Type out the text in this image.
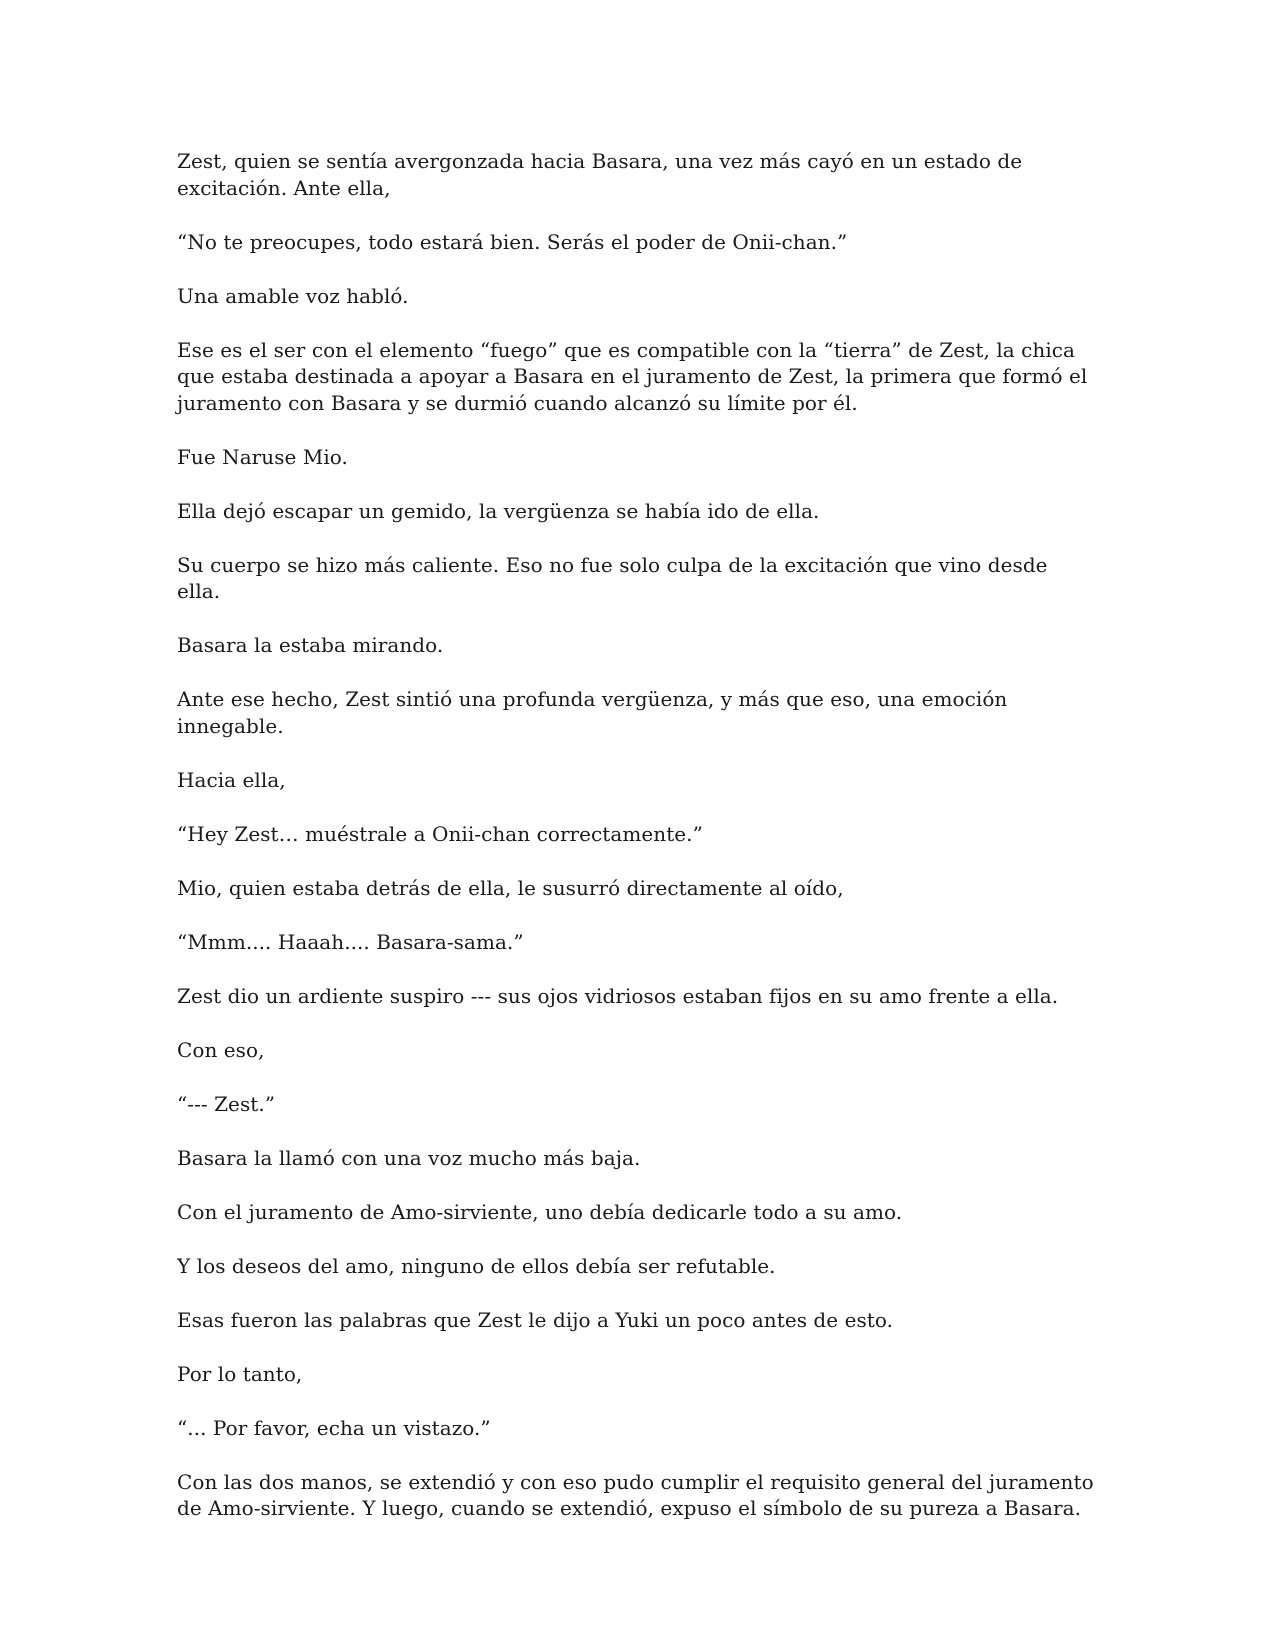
Zest, quien se sentía avergonzada hacia Basara, una vez más cayó en un estado de excitación. Ante ella,

“No te preocupes, todo estará bien. Serás el poder de Onii-chan.”

Una amable voz habló.

Ese es el ser con el elemento “fuego” que es compatible con la “tierra” de Zest, la chica que estaba destinada a apoyar a Basara en el juramento de Zest, la primera que formó el juramento con Basara y se durmió cuando alcanzó su límite por él.

Fue Naruse Mio.

Ella dejó escapar un gemido, la vergüenza se había ido de ella.

Su cuerpo se hizo más caliente. Eso no fue solo culpa de la excitación que vino desde ella.

Basara la estaba mirando.

Ante ese hecho, Zest sintió una profunda vergüenza, y más que eso, una emoción innegable.

Hacia ella,

“Hey Zest… muéstrale a Onii-chan correctamente.”

Mio, quien estaba detrás de ella, le susurró directamente al oído,

“Mmm.... Haaah.... Basara-sama.”

Zest dio un ardiente suspiro --- sus ojos vidriosos estaban fijos en su amo frente a ella.

Con eso,

“--- Zest.”

Basara la llamó con una voz mucho más baja.

Con el juramento de Amo-sirviente, uno debía dedicarle todo a su amo.

Y los deseos del amo, ninguno de ellos debía ser refutable.

Esas fueron las palabras que Zest le dijo a Yuki un poco antes de esto.

Por lo tanto,

“... Por favor, echa un vistazo.”

Con las dos manos, se extendió y con eso pudo cumplir el requisito general del juramento de Amo-sirviente. Y luego, cuando se extendió, expuso el símbolo de su pureza a Basara.
